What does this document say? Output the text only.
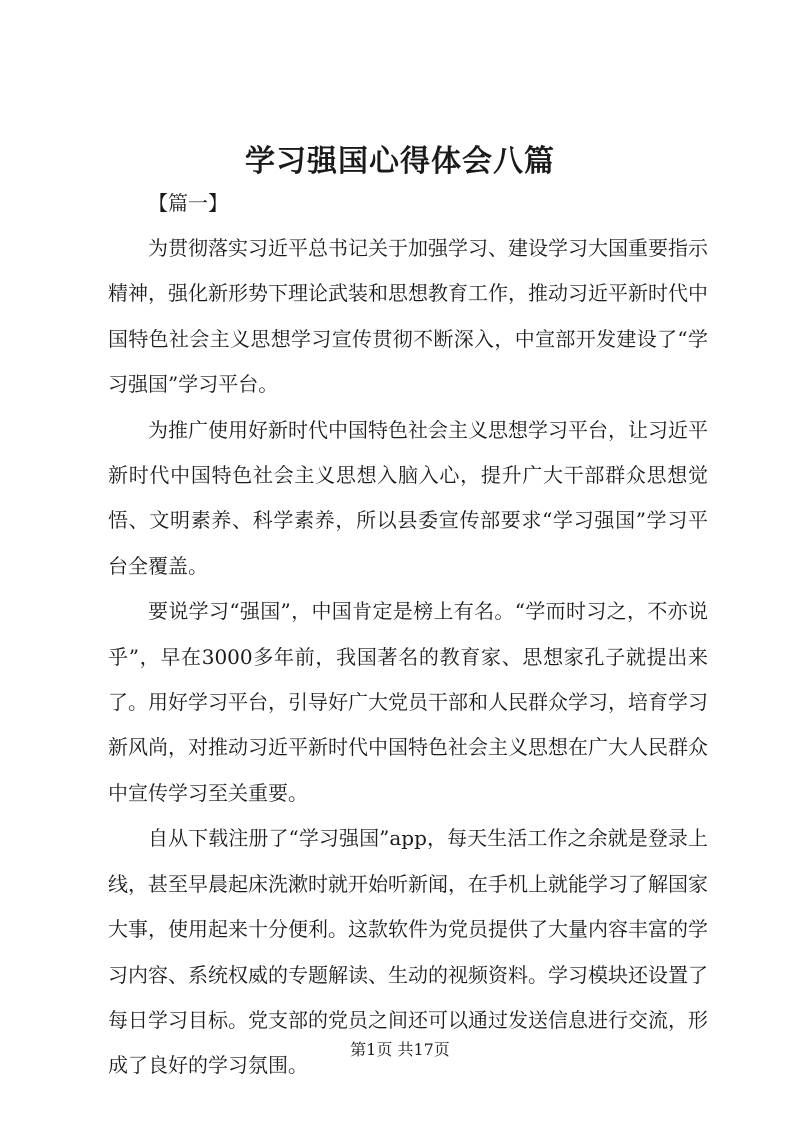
学习强国心得体会八篇

【篇一】

为贯彻落实习近平总书记关于加强学习、建设学习大国重要指示精神，强化新形势下理论武装和思想教育工作，推动习近平新时代中国特色社会主义思想学习宣传贯彻不断深入，中宣部开发建设了“学习强国”学习平台。

为推广使用好新时代中国特色社会主义思想学习平台，让习近平新时代中国特色社会主义思想入脑入心，提升广大干部群众思想觉悟、文明素养、科学素养，所以县委宣传部要求“学习强国”学习平台全覆盖。

要说学习“强国”，中国肯定是榜上有名。“学而时习之，不亦说乎”，早在3000多年前，我国著名的教育家、思想家孔子就提出来了。用好学习平台，引导好广大党员干部和人民群众学习，培育学习新风尚，对推动习近平新时代中国特色社会主义思想在广大人民群众中宣传学习至关重要。

自从下载注册了“学习强国”app，每天生活工作之余就是登录上线，甚至早晨起床洗漱时就开始听新闻，在手机上就能学习了解国家大事，使用起来十分便利。这款软件为党员提供了大量内容丰富的学习内容、系统权威的专题解读、生动的视频资料。学习模块还设置了每日学习目标。党支部的党员之间还可以通过发送信息进行交流，形成了良好的学习氛围。

第1页 共17页
